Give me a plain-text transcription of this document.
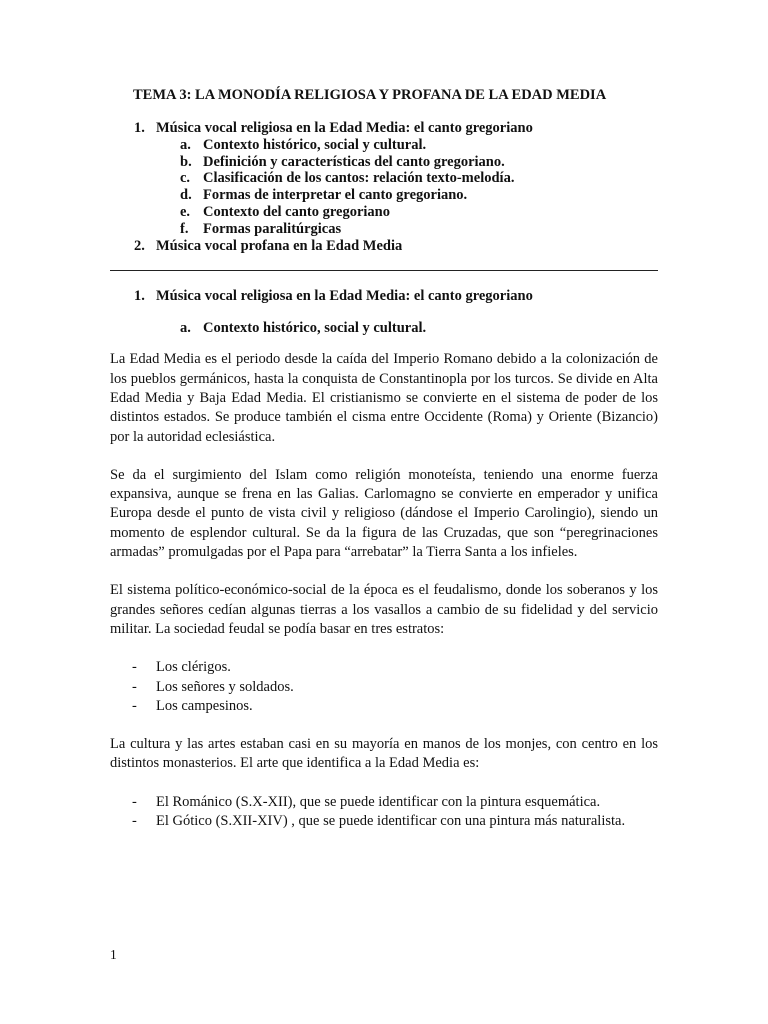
TEMA 3: LA MONODÍA RELIGIOSA Y PROFANA DE LA EDAD MEDIA
1. Música vocal religiosa en la Edad Media: el canto gregoriano
a. Contexto histórico, social y cultural.
b. Definición y características del canto gregoriano.
c. Clasificación de los cantos: relación texto-melodía.
d. Formas de interpretar el canto gregoriano.
e. Contexto del canto gregoriano
f. Formas paralitúrgicas
2. Música vocal profana en la Edad Media
1. Música vocal religiosa en la Edad Media: el canto gregoriano
a. Contexto histórico, social y cultural.

La Edad Media es el periodo desde la caída del Imperio Romano debido a la colonización de los pueblos germánicos, hasta la conquista de Constantinopla por los turcos. Se divide en Alta Edad Media y Baja Edad Media. El cristianismo se convierte en el sistema de poder de los distintos estados. Se produce también el cisma entre Occidente (Roma) y Oriente (Bizancio) por la autoridad eclesiástica.

Se da el surgimiento del Islam como religión monoteísta, teniendo una enorme fuerza expansiva, aunque se frena en las Galias. Carlomagno se convierte en emperador y unifica Europa desde el punto de vista civil y religioso (dándose el Imperio Carolingio), siendo un momento de esplendor cultural. Se da la figura de las Cruzadas, que son “peregrinaciones armadas” promulgadas por el Papa para “arrebatar” la Tierra Santa a los infieles.

El sistema político-económico-social de la época es el feudalismo, donde los soberanos y los grandes señores cedían algunas tierras a los vasallos a cambio de su fidelidad y del servicio militar. La sociedad feudal se podía basar en tres estratos:

- Los clérigos.
- Los señores y soldados.
- Los campesinos.

La cultura y las artes estaban casi en su mayoría en manos de los monjes, con centro en los distintos monasterios. El arte que identifica a la Edad Media es:

- El Románico (S.X-XII), que se puede identificar con la pintura esquemática.
- El Gótico (S.XII-XIV) , que se puede identificar con una pintura más naturalista.
1
